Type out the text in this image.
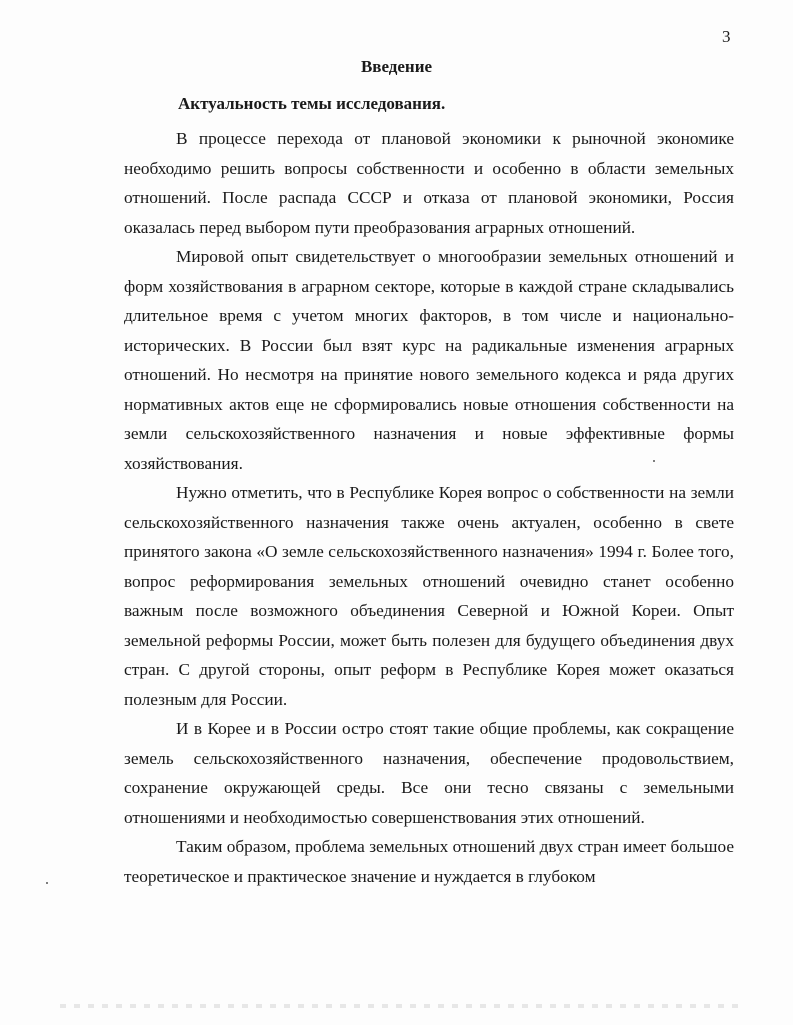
3
Введение
Актуальность темы исследования.

В процессе перехода от плановой экономики к рыночной экономике необходимо решить вопросы собственности и особенно в области земельных отношений. После распада СССР и отказа от плановой экономики, Россия оказалась перед выбором пути преобразования аграрных отношений.

Мировой опыт свидетельствует о многообразии земельных отношений и форм хозяйствования в аграрном секторе, которые в каждой стране складывались длительное время с учетом многих факторов, в том числе и национально-исторических. В России был взят курс на радикальные изменения аграрных отношений. Но несмотря на принятие нового земельного кодекса и ряда других нормативных актов еще не сформировались новые отношения собственности на земли сельскохозяйственного назначения и новые эффективные формы хозяйствования.

Нужно отметить, что в Республике Корея вопрос о собственности на земли сельскохозяйственного назначения также очень актуален, особенно в свете принятого закона «О земле сельскохозяйственного назначения» 1994 г. Более того, вопрос реформирования земельных отношений очевидно станет особенно важным после возможного объединения Северной и Южной Кореи. Опыт земельной реформы России, может быть полезен для будущего объединения двух стран. С другой стороны, опыт реформ в Республике Корея может оказаться полезным для России.

И в Корее и в России остро стоят такие общие проблемы, как сокращение земель сельскохозяйственного назначения, обеспечение продовольствием, сохранение окружающей среды. Все они тесно связаны с земельными отношениями и необходимостью совершенствования этих отношений.

Таким образом, проблема земельных отношений двух стран имеет большое теоретическое и практическое значение и нуждается в глубоком
